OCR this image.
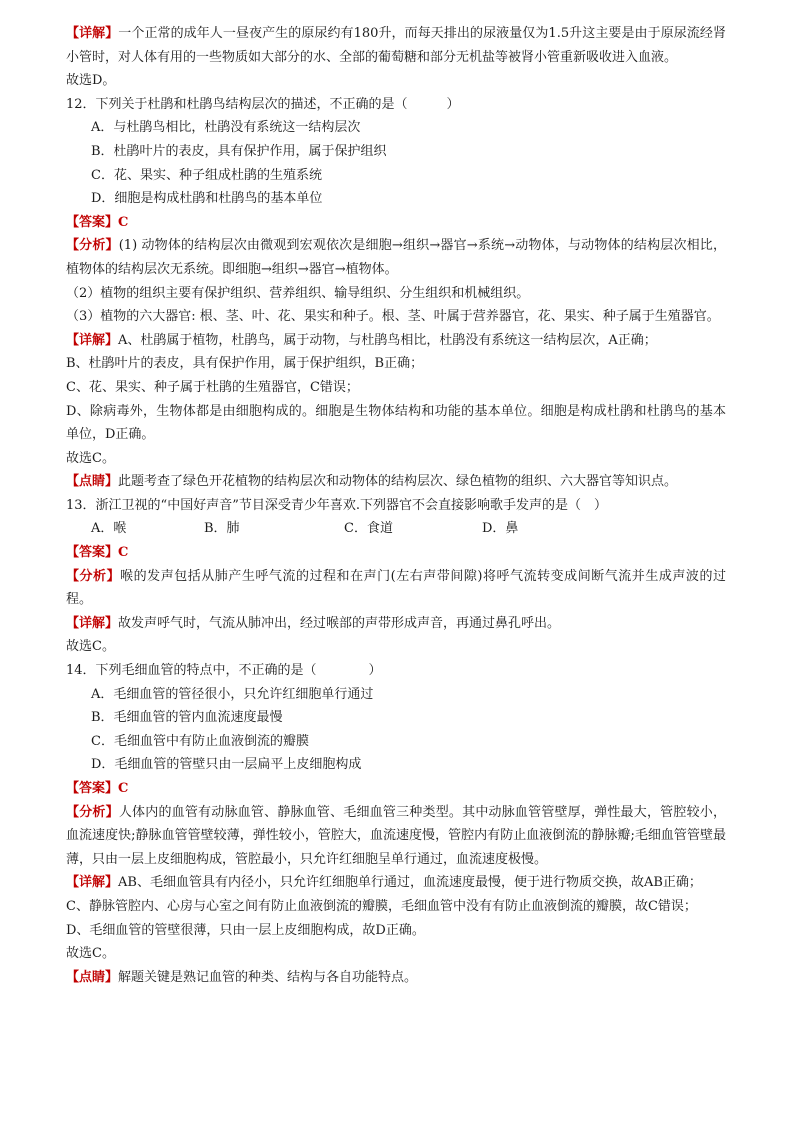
【详解】一个正常的成年人一昼夜产生的原尿约有180升，而每天排出的尿液量仅为1.5升这主要是由于原尿流经肾小管时，对人体有用的一些物质如大部分的水、全部的葡萄糖和部分无机盐等被肾小管重新吸收进入血液。

故选D。

12．下列关于杜鹃和杜鹃鸟结构层次的描述，不正确的是（　　　）

A．与杜鹃鸟相比，杜鹃没有系统这一结构层次

B．杜鹃叶片的表皮，具有保护作用，属于保护组织

C．花、果实、种子组成杜鹃的生殖系统

D．细胞是构成杜鹃和杜鹃鸟的基本单位

【答案】C

【分析】(1) 动物体的结构层次由微观到宏观依次是细胞→组织→器官→系统→动物体，与动物体的结构层次相比，植物体的结构层次无系统。即细胞→组织→器官→植物体。

（2）植物的组织主要有保护组织、营养组织、输导组织、分生组织和机械组织。

（3）植物的六大器官: 根、茎、叶、花、果实和种子。根、茎、叶属于营养器官，花、果实、种子属于生殖器官。

【详解】A、杜鹃属于植物，杜鹃鸟，属于动物，与杜鹃鸟相比，杜鹃没有系统这一结构层次，A正确；

B、杜鹃叶片的表皮，具有保护作用，属于保护组织，B正确；

C、花、果实、种子属于杜鹃的生殖器官，C错误；

D、除病毒外，生物体都是由细胞构成的。细胞是生物体结构和功能的基本单位。细胞是构成杜鹃和杜鹃鸟的基本单位，D正确。

故选C。

【点睛】此题考查了绿色开花植物的结构层次和动物体的结构层次、绿色植物的组织、六大器官等知识点。

13．浙江卫视的“中国好声音”节目深受青少年喜欢.下列器官不会直接影响歌手发声的是（　）

A．喉	B．肺	C．食道	D．鼻

【答案】C

【分析】喉的发声包括从肺产生呼气流的过程和在声门(左右声带间隙)将呼气流转变成间断气流并生成声波的过程。

【详解】故发声呼气时，气流从肺冲出，经过喉部的声带形成声音，再通过鼻孔呼出。

故选C。

14．下列毛细血管的特点中，不正确的是（　　　　）

A．毛细血管的管径很小，只允许红细胞单行通过

B．毛细血管的管内血流速度最慢

C．毛细血管中有防止血液倒流的瓣膜

D．毛细血管的管壁只由一层扁平上皮细胞构成

【答案】C

【分析】人体内的血管有动脉血管、静脉血管、毛细血管三种类型。其中动脉血管管壁厚，弹性最大，管腔较小，血流速度快;静脉血管管壁较薄，弹性较小，管腔大，血流速度慢，管腔内有防止血液倒流的静脉瓣;毛细血管管壁最薄，只由一层上皮细胞构成，管腔最小，只允许红细胞呈单行通过，血流速度极慢。

【详解】AB、毛细血管具有内径小，只允许红细胞单行通过，血流速度最慢，便于进行物质交换，故AB正确；

C、静脉管腔内、心房与心室之间有防止血液倒流的瓣膜，毛细血管中没有有防止血液倒流的瓣膜，故C错误；

D、毛细血管的管壁很薄，只由一层上皮细胞构成，故D正确。

故选C。

【点睛】解题关键是熟记血管的种类、结构与各自功能特点。
